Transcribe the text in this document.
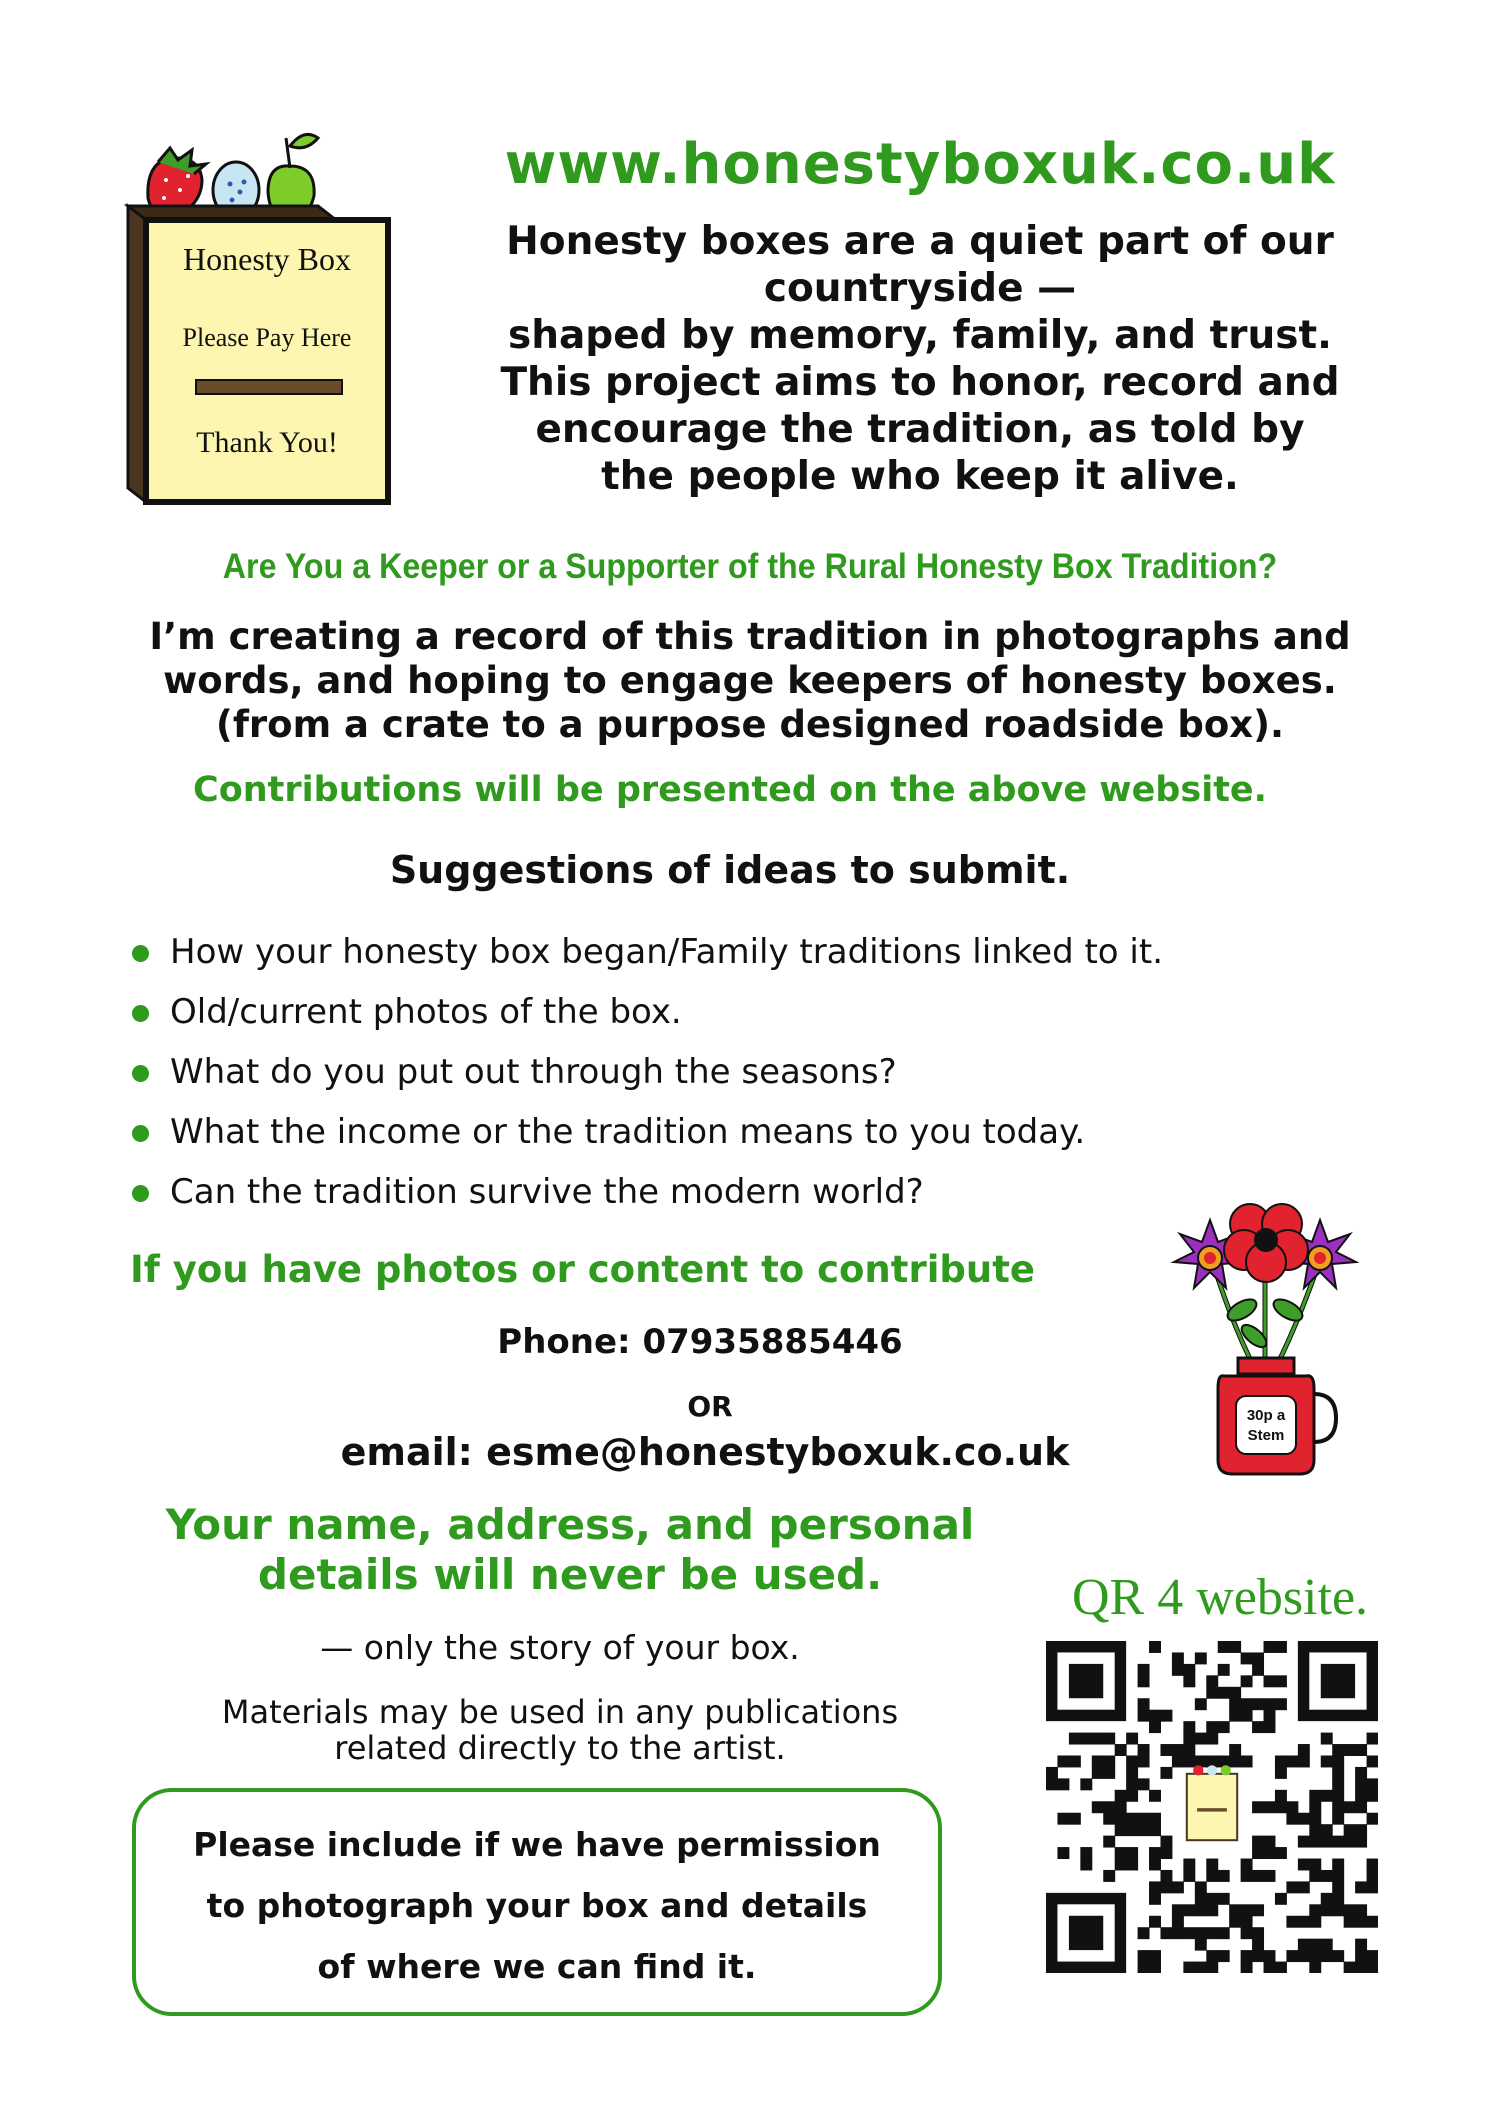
Honesty Box
Please Pay Here
Thank You!
www.honestyboxuk.co.uk
Honesty boxes are a quiet part of our
countryside —
shaped by memory, family, and trust.
This project aims to honor, record and
encourage the tradition, as told by
the people who keep it alive.
Are You a Keeper or a Supporter of the Rural Honesty Box Tradition?
I’m creating a record of this tradition in photographs and
words, and hoping to engage keepers of honesty boxes.
(from a crate to a purpose designed roadside box).
Contributions will be presented on the above website.
Suggestions of ideas to submit.
How your honesty box began/Family traditions linked to it.
Old/current photos of the box.
What do you put out through the seasons?
What the income or the tradition means to you today.
Can the tradition survive the modern world?
If you have photos or content to contribute
Phone: 07935885446
OR
email: esme@honestyboxuk.co.uk
30p a
Stem
Your name, address, and personal
details will never be used.
— only the story of your box.
Materials may be used in any publications
related directly to the artist.
Please include if we have permission
to photograph your box and details
of where we can find it.
QR 4 website.
